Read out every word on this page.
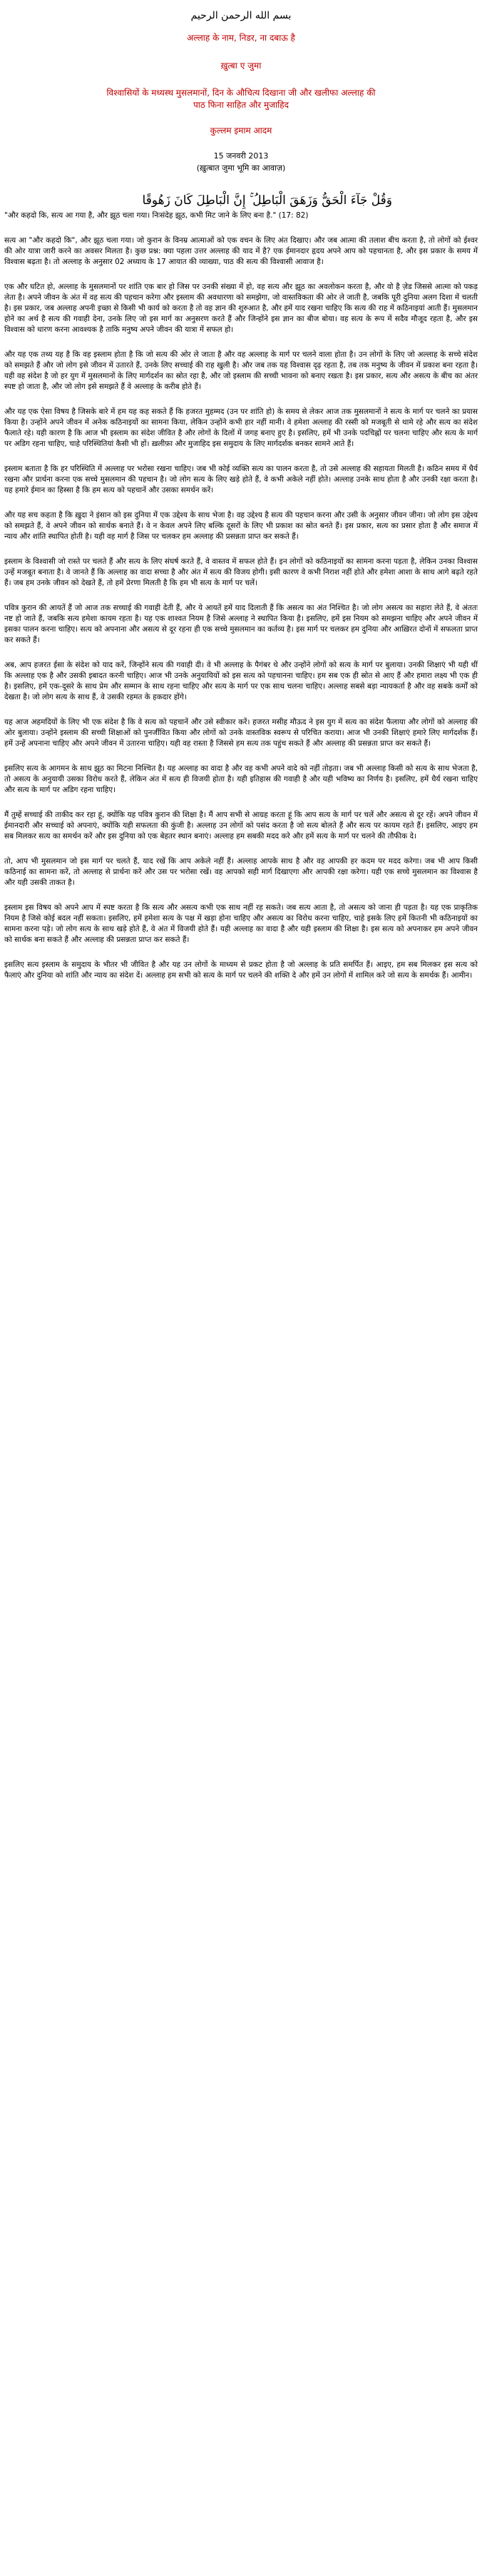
بسم الله الرحمن الرحیم
अल्लाह के नाम, निडर, ना दबाऊ है
ख़ुत्बा ए जुमा
विश्वासियों के मध्यस्थ मुसलमानों, दिन के औचित्य दिखाना जी और खलीफा अल्लाह की
पाठ फिना साहित और मुजाहिद
कुल्लम इमाम आदम
15 जनवरी 2013
(ख़ुत्बात जुमा भूमि का आवाज़)
وَقُلْ جَآءَ الْحَقُّ وَزَهَقَ الْبَاطِلُ ۚ إِنَّ الْبَاطِلَ كَانَ زَهُوقًا
"और कहदो कि, सत्य आ गया है, और झूठ चला गया। निःसंदेह झूठ, कभी मिट जाने के लिए बना है." (17: 82)

सत्य आ "और कहदो कि", और झूठ चला गया। जो कुरान के विनम्र आत्माओं को एक वचन के लिए अंत दिखाए। और जब आत्मा की तलाश बीच करता है, तो लोगों को ईश्वर की ओर यात्रा जारी करने का अवसर मिलता है। कुछ प्रश्न: क्या पहला उत्तर अल्लाह की याद में है? एक ईमानदार हृदय अपने आप को पहचानता है, और इस प्रकार के समय में विश्वास बढ़ता है। तो अल्लाह के अनुसार 02 अध्याय के 17 आयात की व्याख्या, पाठ की सत्य की विश्वासी आवाज है।

एक और घटित हो, अल्लाह के मुसलमानों पर शांति एक बार हो जिस पर उनकी संख्या में हो, वह सत्य और झूठ का अवलोकन करता है, और वो है ज़ेड जिससे आत्मा को पकड़ लेता है। अपने जीवन के अंत में वह सत्य की पहचान करेगा और इस्लाम की अवधारणा को समझेगा, जो वास्तविकता की ओर ले जाती है, जबकि पूरी दुनिया अलग दिशा में चलती है। इस प्रकार, जब अल्लाह अपनी इच्छा से किसी भी कार्य को करता है तो वह ज्ञान की शुरुआत है, और हमें याद रखना चाहिए कि सत्य की राह में कठिनाइयां आती हैं। मुसलमान होने का अर्थ है सत्य की गवाही देना, उनके लिए जो इस मार्ग का अनुसरण करते हैं और जिन्होंने इस ज्ञान का बीज बोया। वह सत्य के रूप में सदैव मौजूद रहता है, और इस विश्वास को धारण करना आवश्यक है ताकि मनुष्य अपने जीवन की यात्रा में सफल हो।

और यह एक तथ्य यह है कि वह इस्लाम होता है कि जो सत्य की ओर ले जाता है और वह अल्लाह के मार्ग पर चलने वाला होता है। उन लोगों के लिए जो अल्लाह के सच्चे संदेश को समझते हैं और जो लोग इसे जीवन में उतारते हैं, उनके लिए सच्चाई की राह खुली है। और जब तक यह विश्वास दृढ़ रहता है, तब तक मनुष्य के जीवन में प्रकाश बना रहता है। यही वह संदेश है जो हर युग में मुसलमानों के लिए मार्गदर्शन का स्रोत रहा है, और जो इस्लाम की सच्ची भावना को बनाए रखता है। इस प्रकार, सत्य और असत्य के बीच का अंतर स्पष्ट हो जाता है, और जो लोग इसे समझते हैं वे अल्लाह के करीब होते हैं।

और यह एक ऐसा विषय है जिसके बारे में हम यह कह सकते हैं कि हजरत मुहम्मद (उन पर शांति हो) के समय से लेकर आज तक मुसलमानों ने सत्य के मार्ग पर चलने का प्रयास किया है। उन्होंने अपने जीवन में अनेक कठिनाइयों का सामना किया, लेकिन उन्होंने कभी हार नहीं मानी। वे हमेशा अल्लाह की रस्सी को मजबूती से थामे रहे और सत्य का संदेश फैलाते रहे। यही कारण है कि आज भी इस्लाम का संदेश जीवित है और लोगों के दिलों में जगह बनाए हुए है। इसलिए, हमें भी उनके पदचिह्नों पर चलना चाहिए और सत्य के मार्ग पर अडिग रहना चाहिए, चाहे परिस्थितियां कैसी भी हों। ख़लीफ़ा और मुजाहिद इस समुदाय के लिए मार्गदर्शक बनकर सामने आते हैं।

इस्लाम बताता है कि हर परिस्थिति में अल्लाह पर भरोसा रखना चाहिए। जब भी कोई व्यक्ति सत्य का पालन करता है, तो उसे अल्लाह की सहायता मिलती है। कठिन समय में धैर्य रखना और प्रार्थना करना एक सच्चे मुसलमान की पहचान है। जो लोग सत्य के लिए खड़े होते हैं, वे कभी अकेले नहीं होते। अल्लाह उनके साथ होता है और उनकी रक्षा करता है। यह हमारे ईमान का हिस्सा है कि हम सत्य को पहचानें और उसका समर्थन करें।

और यह सच कहता है कि ख़ुदा ने इंसान को इस दुनिया में एक उद्देश्य के साथ भेजा है। वह उद्देश्य है सत्य की पहचान करना और उसी के अनुसार जीवन जीना। जो लोग इस उद्देश्य को समझते हैं, वे अपने जीवन को सार्थक बनाते हैं। वे न केवल अपने लिए बल्कि दूसरों के लिए भी प्रकाश का स्रोत बनते हैं। इस प्रकार, सत्य का प्रसार होता है और समाज में न्याय और शांति स्थापित होती है। यही वह मार्ग है जिस पर चलकर हम अल्लाह की प्रसन्नता प्राप्त कर सकते हैं।

इस्लाम के विश्वासी जो रास्ते पर चलते हैं और सत्य के लिए संघर्ष करते हैं, वे वास्तव में सफल होते हैं। इन लोगों को कठिनाइयों का सामना करना पड़ता है, लेकिन उनका विश्वास उन्हें मजबूत बनाता है। वे जानते हैं कि अल्लाह का वादा सच्चा है और अंत में सत्य की विजय होगी। इसी कारण वे कभी निराश नहीं होते और हमेशा आशा के साथ आगे बढ़ते रहते हैं। जब हम उनके जीवन को देखते हैं, तो हमें प्रेरणा मिलती है कि हम भी सत्य के मार्ग पर चलें।

पवित्र कुरान की आयतें हैं जो आज तक सच्चाई की गवाही देती हैं, और ये आयतें हमें याद दिलाती हैं कि असत्य का अंत निश्चित है। जो लोग असत्य का सहारा लेते हैं, वे अंततः नष्ट हो जाते हैं, जबकि सत्य हमेशा कायम रहता है। यह एक शाश्वत नियम है जिसे अल्लाह ने स्थापित किया है। इसलिए, हमें इस नियम को समझना चाहिए और अपने जीवन में इसका पालन करना चाहिए। सत्य को अपनाना और असत्य से दूर रहना ही एक सच्चे मुसलमान का कर्तव्य है। इस मार्ग पर चलकर हम दुनिया और आख़िरत दोनों में सफलता प्राप्त कर सकते हैं।

अब, आप हजरत ईसा के संदेश को याद करें, जिन्होंने सत्य की गवाही दी। वे भी अल्लाह के पैगंबर थे और उन्होंने लोगों को सत्य के मार्ग पर बुलाया। उनकी शिक्षाएं भी यही थीं कि अल्लाह एक है और उसकी इबादत करनी चाहिए। आज भी उनके अनुयायियों को इस सत्य को पहचानना चाहिए। हम सब एक ही स्रोत से आए हैं और हमारा लक्ष्य भी एक ही है। इसलिए, हमें एक-दूसरे के साथ प्रेम और सम्मान के साथ रहना चाहिए और सत्य के मार्ग पर एक साथ चलना चाहिए। अल्लाह सबसे बड़ा न्यायकर्ता है और वह सबके कर्मों को देखता है। जो लोग सत्य के साथ हैं, वे उसकी रहमत के हकदार होंगे।

यह आज अहमदियों के लिए भी एक संदेश है कि वे सत्य को पहचानें और उसे स्वीकार करें। हजरत मसीह मौऊद ने इस युग में सत्य का संदेश फैलाया और लोगों को अल्लाह की ओर बुलाया। उन्होंने इस्लाम की सच्ची शिक्षाओं को पुनर्जीवित किया और लोगों को उनके वास्तविक स्वरूप से परिचित कराया। आज भी उनकी शिक्षाएं हमारे लिए मार्गदर्शक हैं। हमें उन्हें अपनाना चाहिए और अपने जीवन में उतारना चाहिए। यही वह रास्ता है जिससे हम सत्य तक पहुंच सकते हैं और अल्लाह की प्रसन्नता प्राप्त कर सकते हैं।

इसलिए सत्य के आगमन के साथ झूठ का मिटना निश्चित है। यह अल्लाह का वादा है और वह कभी अपने वादे को नहीं तोड़ता। जब भी अल्लाह किसी को सत्य के साथ भेजता है, तो असत्य के अनुयायी उसका विरोध करते हैं, लेकिन अंत में सत्य ही विजयी होता है। यही इतिहास की गवाही है और यही भविष्य का निर्णय है। इसलिए, हमें धैर्य रखना चाहिए और सत्य के मार्ग पर अडिग रहना चाहिए।

मैं तुम्हें सच्चाई की ताकीद कर रहा हूं, क्योंकि यह पवित्र कुरान की शिक्षा है। मैं आप सभी से आग्रह करता हूं कि आप सत्य के मार्ग पर चलें और असत्य से दूर रहें। अपने जीवन में ईमानदारी और सच्चाई को अपनाएं, क्योंकि यही सफलता की कुंजी है। अल्लाह उन लोगों को पसंद करता है जो सत्य बोलते हैं और सत्य पर कायम रहते हैं। इसलिए, आइए हम सब मिलकर सत्य का समर्थन करें और इस दुनिया को एक बेहतर स्थान बनाएं। अल्लाह हम सबकी मदद करे और हमें सत्य के मार्ग पर चलने की तौफीक दे।

तो, आप भी मुसलमान जो इस मार्ग पर चलते हैं, याद रखें कि आप अकेले नहीं हैं। अल्लाह आपके साथ है और वह आपकी हर कदम पर मदद करेगा। जब भी आप किसी कठिनाई का सामना करें, तो अल्लाह से प्रार्थना करें और उस पर भरोसा रखें। वह आपको सही मार्ग दिखाएगा और आपकी रक्षा करेगा। यही एक सच्चे मुसलमान का विश्वास है और यही उसकी ताकत है।

इस्लाम इस विषय को अपने आप में स्पष्ट करता है कि सत्य और असत्य कभी एक साथ नहीं रह सकते। जब सत्य आता है, तो असत्य को जाना ही पड़ता है। यह एक प्राकृतिक नियम है जिसे कोई बदल नहीं सकता। इसलिए, हमें हमेशा सत्य के पक्ष में खड़ा होना चाहिए और असत्य का विरोध करना चाहिए, चाहे इसके लिए हमें कितनी भी कठिनाइयों का सामना करना पड़े। जो लोग सत्य के साथ खड़े होते हैं, वे अंत में विजयी होते हैं। यही अल्लाह का वादा है और यही इस्लाम की शिक्षा है। इस सत्य को अपनाकर हम अपने जीवन को सार्थक बना सकते हैं और अल्लाह की प्रसन्नता प्राप्त कर सकते हैं।

इसलिए सत्य इस्लाम के समुदाय के भीतर भी जीवित है और यह उन लोगों के माध्यम से प्रकट होता है जो अल्लाह के प्रति समर्पित हैं। आइए, हम सब मिलकर इस सत्य को फैलाएं और दुनिया को शांति और न्याय का संदेश दें। अल्लाह हम सभी को सत्य के मार्ग पर चलने की शक्ति दे और हमें उन लोगों में शामिल करे जो सत्य के समर्थक हैं। आमीन।
